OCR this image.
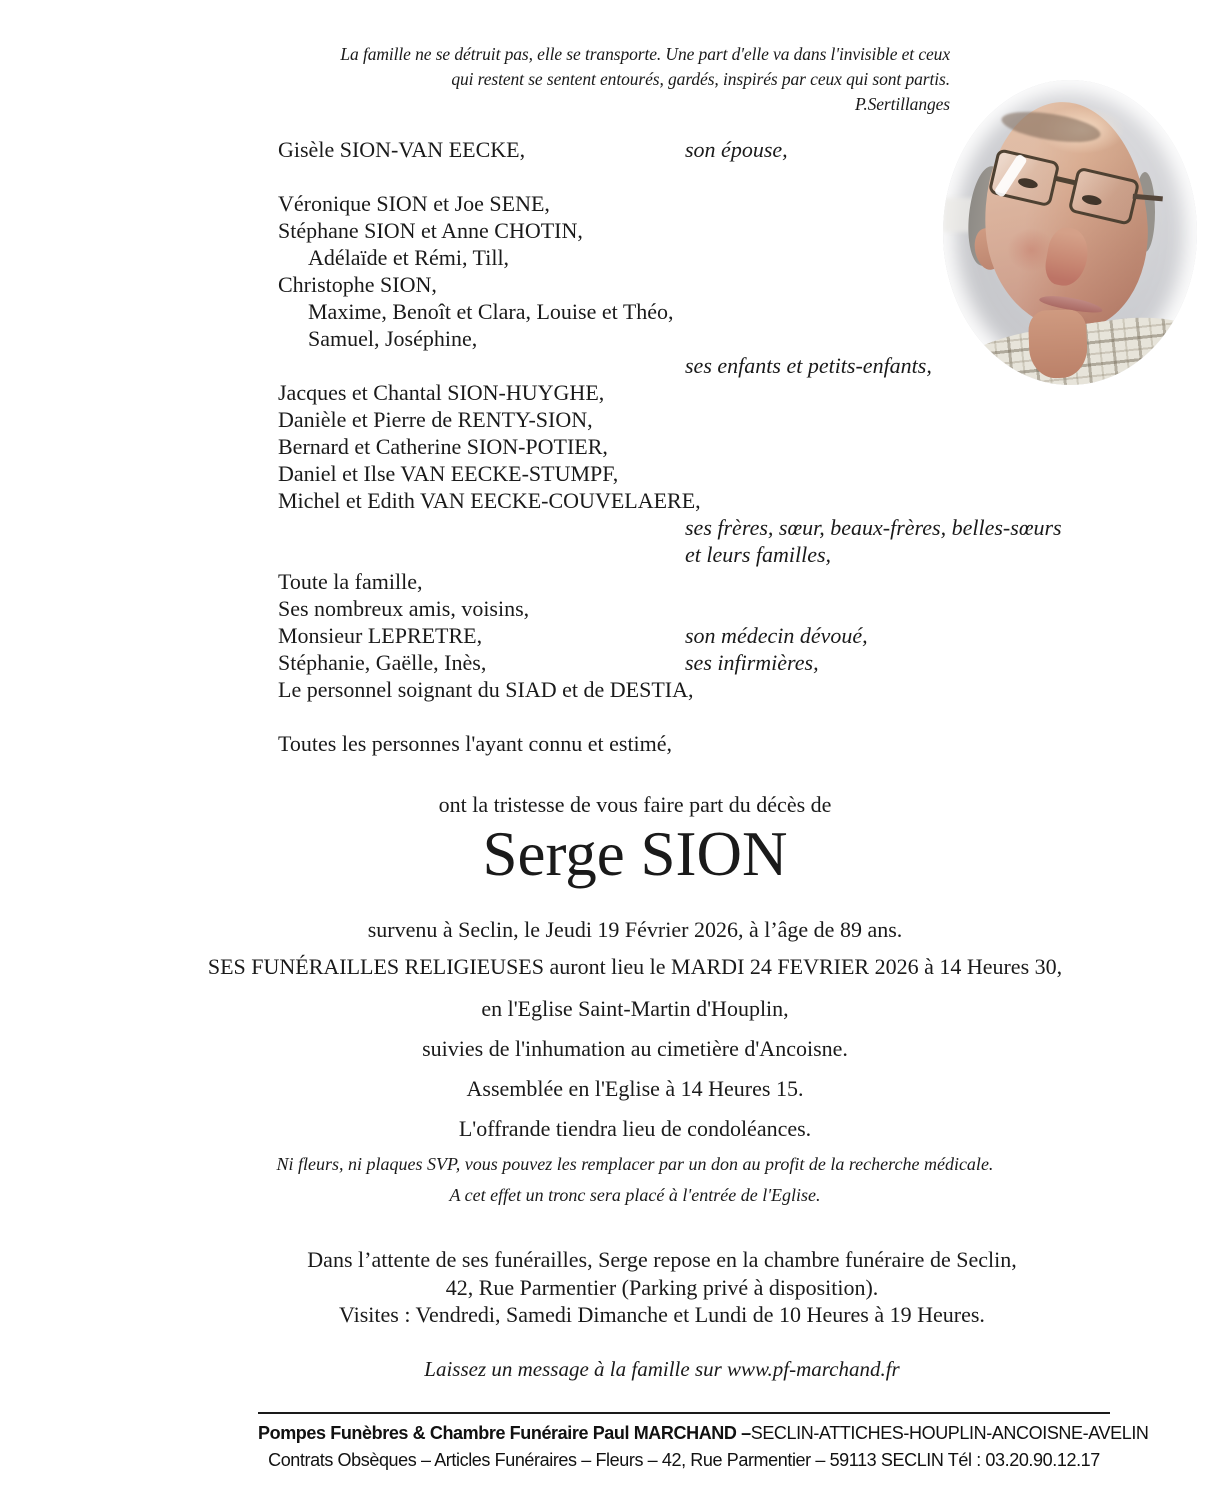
La famille ne se détruit pas, elle se transporte. Une part d'elle va dans l'invisible et ceux
qui restent se sentent entourés, gardés, inspirés par ceux qui sont partis.
P.Sertillanges
Gisèle SION-VAN EECKE,	son épouse,
Véronique SION et Joe SENE,
Stéphane SION et Anne CHOTIN,
Adélaïde et Rémi, Till,
Christophe SION,
Maxime, Benoît et Clara, Louise et Théo,
Samuel, Joséphine,
ses enfants et petits-enfants,
Jacques et Chantal SION-HUYGHE,
Danièle et Pierre de RENTY-SION,
Bernard et Catherine SION-POTIER,
Daniel et Ilse VAN EECKE-STUMPF,
Michel et Edith VAN EECKE-COUVELAERE,
ses frères, sœur, beaux-frères, belles-sœurs
et leurs familles,
Toute la famille,
Ses nombreux amis, voisins,
Monsieur LEPRETRE,	son médecin dévoué,
Stéphanie, Gaëlle, Inès,	ses infirmières,
Le personnel soignant du SIAD et de DESTIA,
Toutes les personnes l'ayant connu et estimé,
ont la tristesse de vous faire part du décès de
Serge SION
survenu à Seclin, le Jeudi 19 Février 2026, à l’âge de 89 ans.
SES FUNÉRAILLES RELIGIEUSES auront lieu le MARDI 24 FEVRIER 2026 à 14 Heures 30,
en l'Eglise Saint-Martin d'Houplin,
suivies de l'inhumation au cimetière d'Ancoisne.
Assemblée en l'Eglise à 14 Heures 15.
L'offrande tiendra lieu de condoléances.
Ni fleurs, ni plaques SVP, vous pouvez les remplacer par un don au profit de la recherche médicale.
A cet effet un tronc sera placé à l'entrée de l'Eglise.
Dans l’attente de ses funérailles, Serge repose en la chambre funéraire de Seclin,
42, Rue Parmentier (Parking privé à disposition).
Visites : Vendredi, Samedi Dimanche et Lundi de 10 Heures à 19 Heures.
Laissez un message à la famille sur www.pf-marchand.fr
Pompes Funèbres & Chambre Funéraire Paul MARCHAND –SECLIN-ATTICHES-HOUPLIN-ANCOISNE-AVELIN
Contrats Obsèques – Articles Funéraires – Fleurs – 42, Rue Parmentier – 59113 SECLIN Tél : 03.20.90.12.17
